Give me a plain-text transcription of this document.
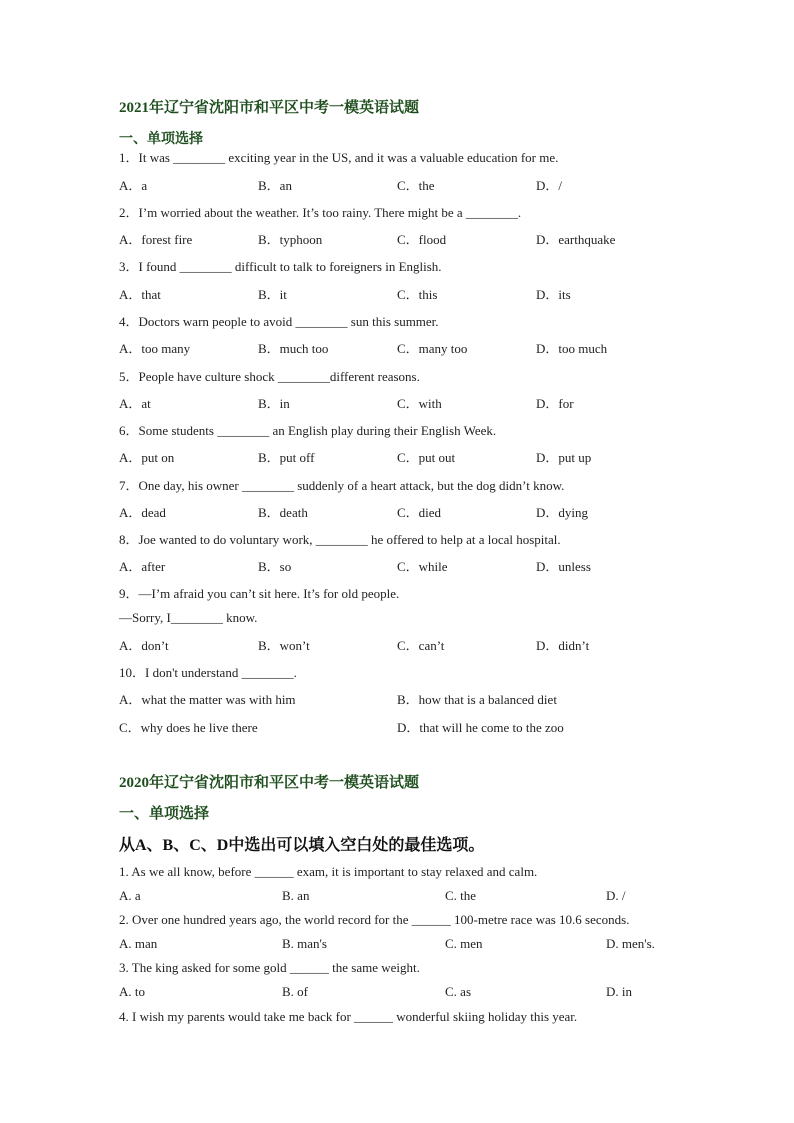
2021年辽宁省沈阳市和平区中考一模英语试题
一、单项选择
1．It was ________ exciting year in the US, and it was a valuable education for me.
A．a	B．an	C．the	D．/
2．I’m worried about the weather. It’s too rainy. There might be a ________.
A．forest fire	B．typhoon	C．flood	D．earthquake
3．I found ________ difficult to talk to foreigners in English.
A．that	B．it	C．this	D．its
4．Doctors warn people to avoid ________ sun this summer.
A．too many	B．much too	C．many too	D．too much
5．People have culture shock ________different reasons.
A．at	B．in	C．with	D．for
6．Some students ________ an English play during their English Week.
A．put on	B．put off	C．put out	D．put up
7．One day, his owner ________ suddenly of a heart attack, but the dog didn’t know.
A．dead	B．death	C．died	D．dying
8．Joe wanted to do voluntary work, ________ he offered to help at a local hospital.
A．after	B．so	C．while	D．unless
9．—I’m afraid you can’t sit here. It’s for old people.
—Sorry, I________ know.
A．don’t	B．won’t	C．can’t	D．didn’t
10．I don't understand ________.
A．what the matter was with him	B．how that is a balanced diet
C．why does he live there	D．that will he come to the zoo
2020年辽宁省沈阳市和平区中考一模英语试题
一、单项选择
从A、B、C、D中选出可以填入空白处的最佳选项。
1. As we all know, before ______ exam, it is important to stay relaxed and calm.
A. a	B. an	C. the	D. /
2. Over one hundred years ago, the world record for the ______ 100-metre race was 10.6 seconds.
A. man	B. man's	C. men	D. men's.
3. The king asked for some gold ______ the same weight.
A. to	B. of	C. as	D. in
4. I wish my parents would take me back for ______ wonderful skiing holiday this year.
